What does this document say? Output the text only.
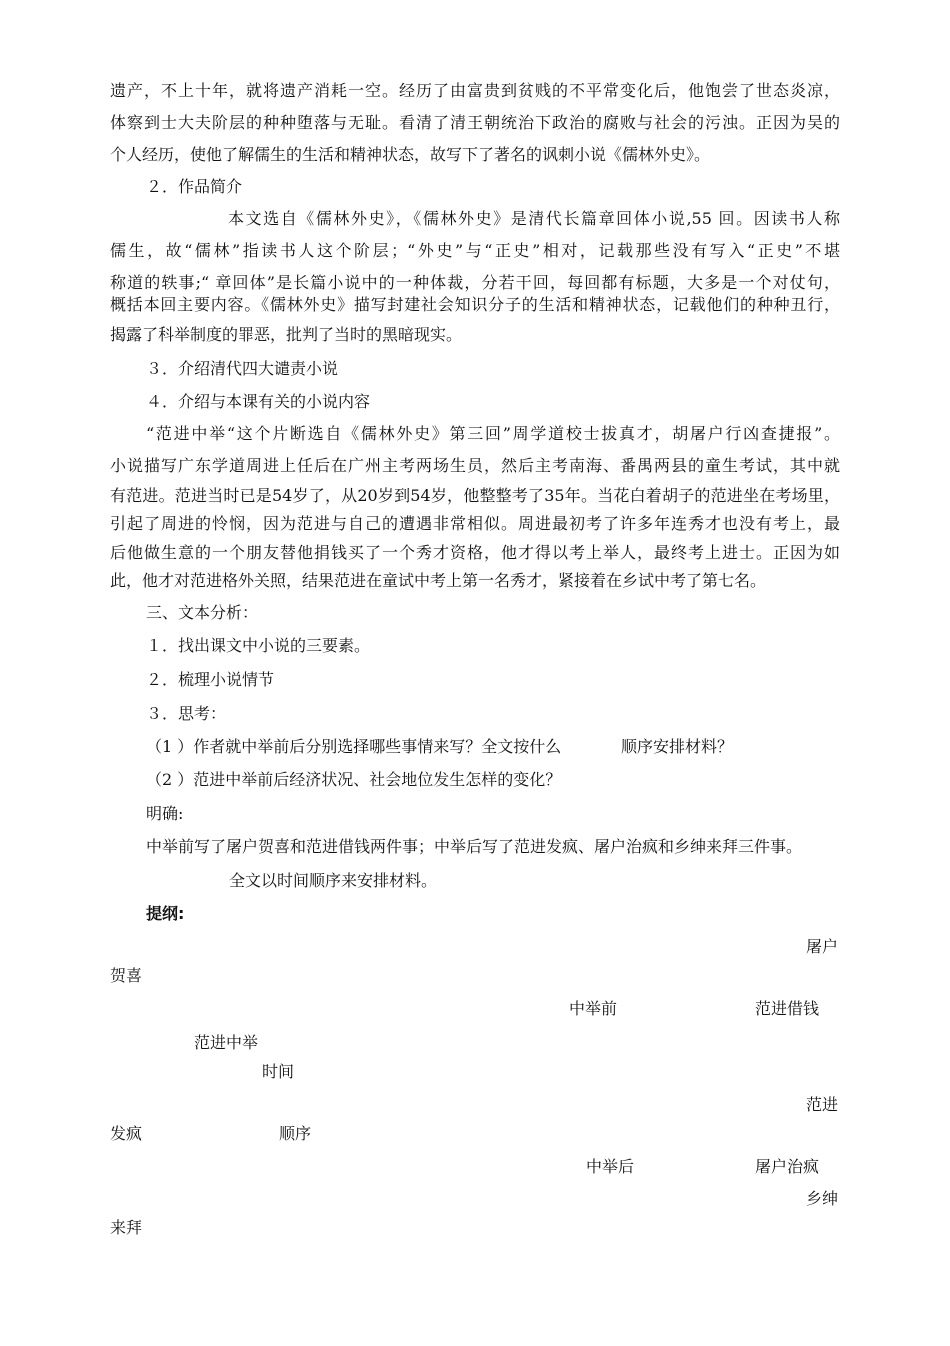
遗产，不上十年，就将遗产消耗一空。经历了由富贵到贫贱的不平常变化后，他饱尝了世态炎凉，
体察到士大夫阶层的种种堕落与无耻。看清了清王朝统治下政治的腐败与社会的污浊。正因为吴的
个人经历，使他了解儒生的生活和精神状态，故写下了著名的讽刺小说《儒林外史》。
２．作品简介
本文选自《儒林外史》，《儒林外史》是清代长篇章回体小说,55 回。因读书人称
儒生，故“儒林”指读书人这个阶层；“外史”与“正史”相对，记载那些没有写入“正史”不堪
称道的轶事;“ 章回体”是长篇小说中的一种体裁，分若干回，每回都有标题，大多是一个对仗句，
概括本回主要内容。《儒林外史》描写封建社会知识分子的生活和精神状态，记载他们的种种丑行，
揭露了科举制度的罪恶，批判了当时的黑暗现实。
３．介绍清代四大谴责小说
４．介绍与本课有关的小说内容
“范进中举“这个片断选自《儒林外史》第三回”周学道校士拔真才，胡屠户行凶查捷报”。
小说描写广东学道周进上任后在广州主考两场生员，然后主考南海、番禺两县的童生考试，其中就
有范进。范进当时已是54岁了，从20岁到54岁，他整整考了35年。当花白着胡子的范进坐在考场里，
引起了周进的怜悯，因为范进与自己的遭遇非常相似。周进最初考了许多年连秀才也没有考上，最
后他做生意的一个朋友替他捐钱买了一个秀才资格，他才得以考上举人，最终考上进士。正因为如
此，他才对范进格外关照，结果范进在童试中考上第一名秀才，紧接着在乡试中考了第七名。
三、文本分析：
１．找出课文中小说的三要素。
２．梳理小说情节
３．思考：
（1 ）作者就中举前后分别选择哪些事情来写？全文按什么	顺序安排材料？
（2 ）范进中举前后经济状况、社会地位发生怎样的变化？
明确:
中举前写了屠户贺喜和范进借钱两件事；中举后写了范进发疯、屠户治疯和乡绅来拜三件事。
全文以时间顺序来安排材料。
提纲:
屠户
贺喜
中举前	范进借钱
范进中举
时间
范进
发疯	顺序
中举后	屠户治疯
乡绅
来拜
